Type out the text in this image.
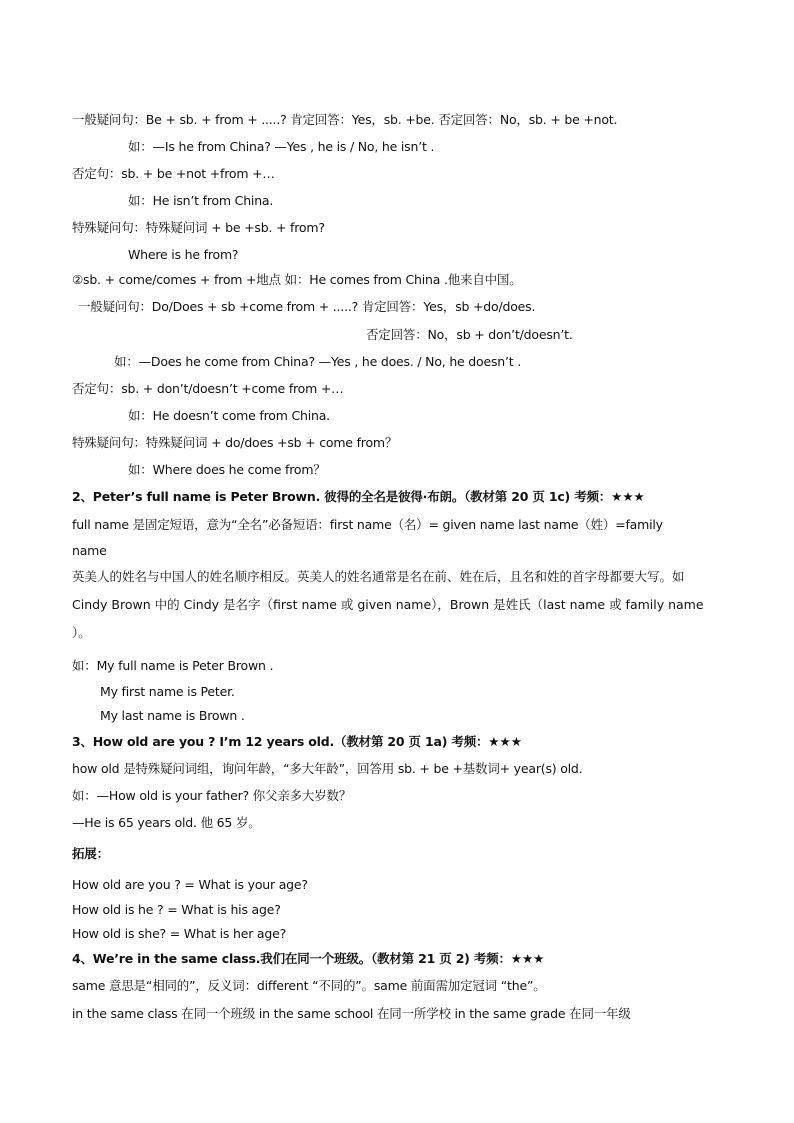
一般疑问句：Be + sb. + from + .....? 肯定回答：Yes，sb. +be. 否定回答：No，sb. + be +not.
如：—Is he from China? —Yes , he is / No, he isn’t .
否定句：sb. + be +not +from +…
如：He isn’t from China.
特殊疑问句：特殊疑问词 + be +sb. + from?
Where is he from?
②sb. + come/comes + from +地点 如：He comes from China .他来自中国。
一般疑问句：Do/Does + sb +come from + .....? 肯定回答：Yes，sb +do/does.
否定回答：No，sb + don’t/doesn’t.
如：—Does he come from China? —Yes , he does. / No, he doesn’t .
否定句：sb. + don’t/doesn’t +come from +…
如：He doesn’t come from China.
特殊疑问句：特殊疑问词 + do/does +sb + come from？
如：Where does he come from？
2、Peter’s full name is Peter Brown. 彼得的全名是彼得·布朗。（教材第 20 页 1c) 考频：★★★
full name 是固定短语，意为“全名”必备短语：first name（名）= given name last name（姓）=family
name
英美人的姓名与中国人的姓名顺序相反。英美人的姓名通常是名在前、姓在后，且名和姓的首字母都要大写。如 Cindy Brown 中的 Cindy 是名字（first name 或 given name），Brown 是姓氏（last name 或 family name ）。
如：My full name is Peter Brown .
My first name is Peter.
My last name is Brown .
3、How old are you ? I’m 12 years old.（教材第 20 页 1a) 考频：★★★
how old 是特殊疑问词组，询问年龄，“多大年龄”，回答用 sb. + be +基数词+ year(s) old.
如：—How old is your father? 你父亲多大岁数？
—He is 65 years old. 他 65 岁。
拓展：
How old are you ? = What is your age?
How old is he ? = What is his age?
How old is she? = What is her age?
4、We’re in the same class.我们在同一个班级。（教材第 21 页 2) 考频：★★★
same 意思是“相同的”，反义词：different “不同的”。same 前面需加定冠词 “the”。
in the same class 在同一个班级 in the same school 在同一所学校 in the same grade 在同一年级
